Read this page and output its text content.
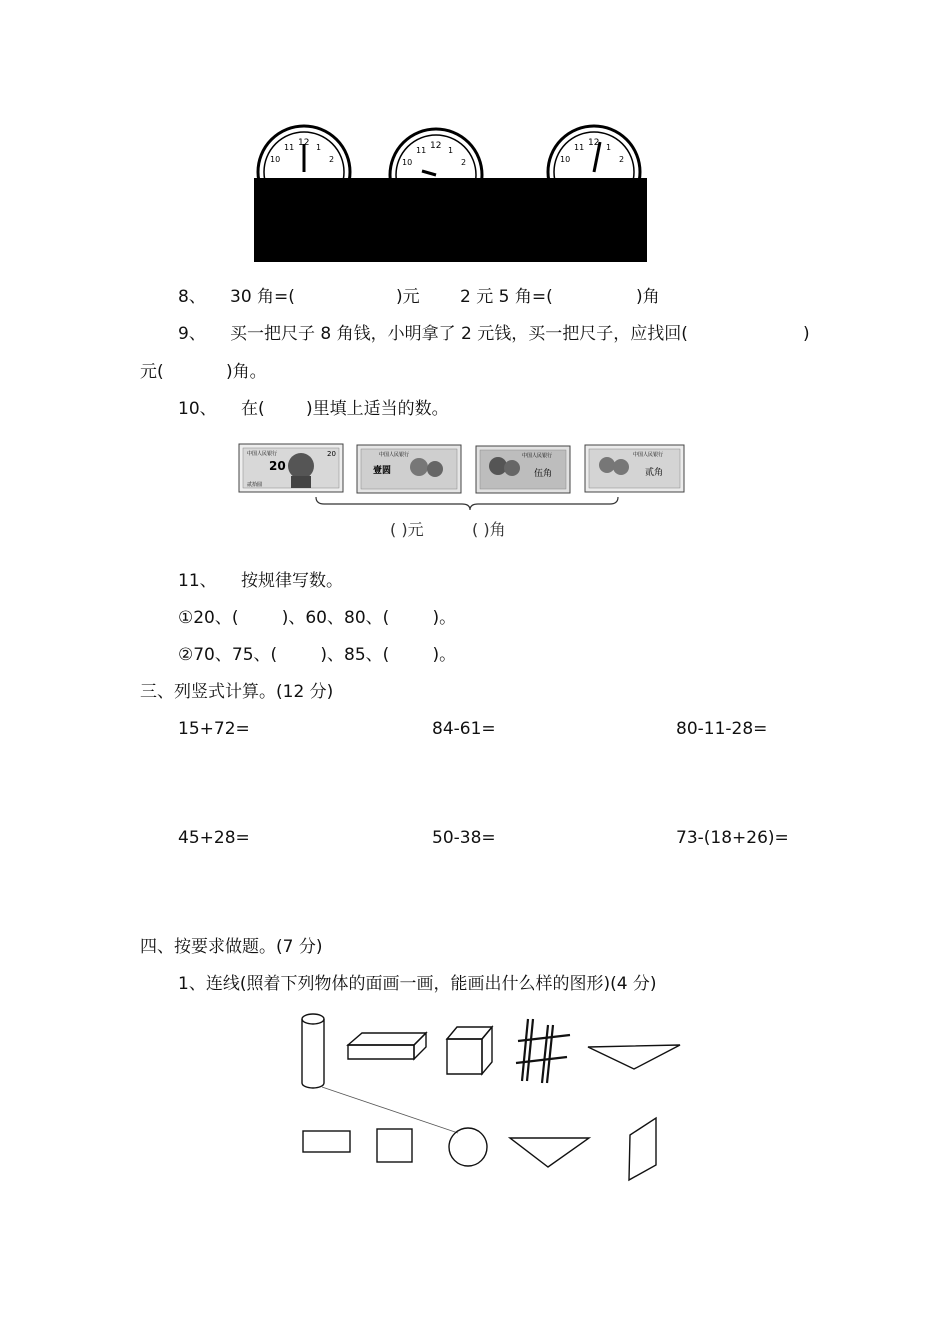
12 1
2
10
11	12 1
2
10
11
12 1
2
10
11
8、 30 角=(	)元 2 元 5 角=(	)角
9、 买一把尺子 8 角钱，小明拿了 2 元钱，买一把尺子，应找回(	)
元(	)角。
10、 在( )里填上适当的数。
中国人民银行
20
20
贰拾圆
中国人民银行
壹圆
中国人民银行
伍角
中国人民银行
贰角
( )元	( )角
11、 按规律写数。
①20、(        )、60、80、(        )。
②70、75、(        )、85、(        )。
三、列竖式计算。(12 分)
15+72=	84-61=	80-11-28=
45+28=	50-38=	73-(18+26)=
四、按要求做题。(7 分)
1、连线(照着下列物体的面画一画，能画出什么样的图形)(4 分)
